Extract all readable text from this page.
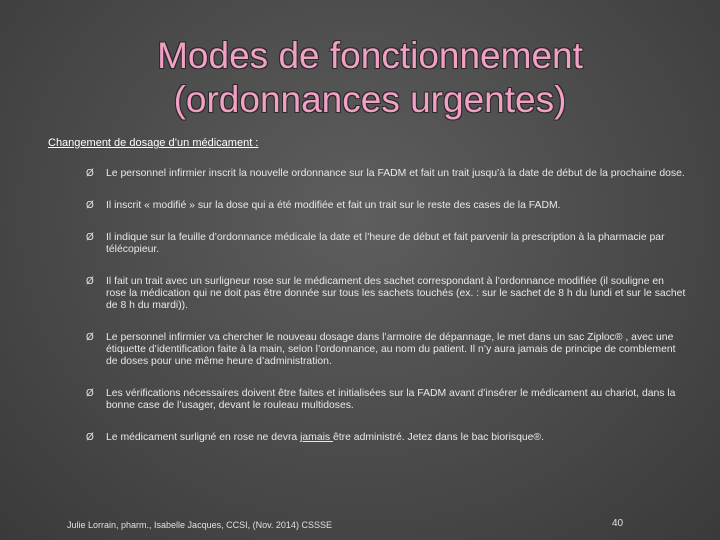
Modes de fonctionnement
(ordonnances urgentes)
Changement de dosage d’un médicament :
Ø Le personnel infirmier inscrit la nouvelle ordonnance sur la FADM et fait un trait jusqu’à la date de début de la prochaine dose.
Ø Il inscrit « modifié » sur la dose qui a été modifiée et fait un trait sur le reste des cases de la FADM.
Ø Il indique sur la feuille d’ordonnance médicale la date et l’heure de début et fait parvenir la prescription à la pharmacie par télécopieur.
Ø Il fait un trait avec un surligneur rose sur le médicament des sachet correspondant à l’ordonnance modifiée (il souligne en rose la médication qui ne doit pas être donnée sur tous les sachets touchés (ex. : sur le sachet de 8 h du lundi et sur le sachet de 8 h du mardi)).
Ø Le personnel infirmier va chercher le nouveau dosage dans l’armoire de dépannage, le met dans un sac Ziploc® , avec une étiquette d’identification faite à la main, selon l’ordonnance, au nom du patient. Il n’y aura jamais de principe de comblement de doses pour une même heure d’administration.
Ø Les vérifications nécessaires doivent être faites et initialisées sur la FADM avant d’insérer le médicament au chariot, dans la bonne case de l’usager, devant le rouleau multidoses.
Ø Le médicament surligné en rose ne devra jamais être administré. Jetez dans le bac biorisque®.
Julie Lorrain, pharm., Isabelle Jacques, CCSI, (Nov. 2014) CSSSE	40
